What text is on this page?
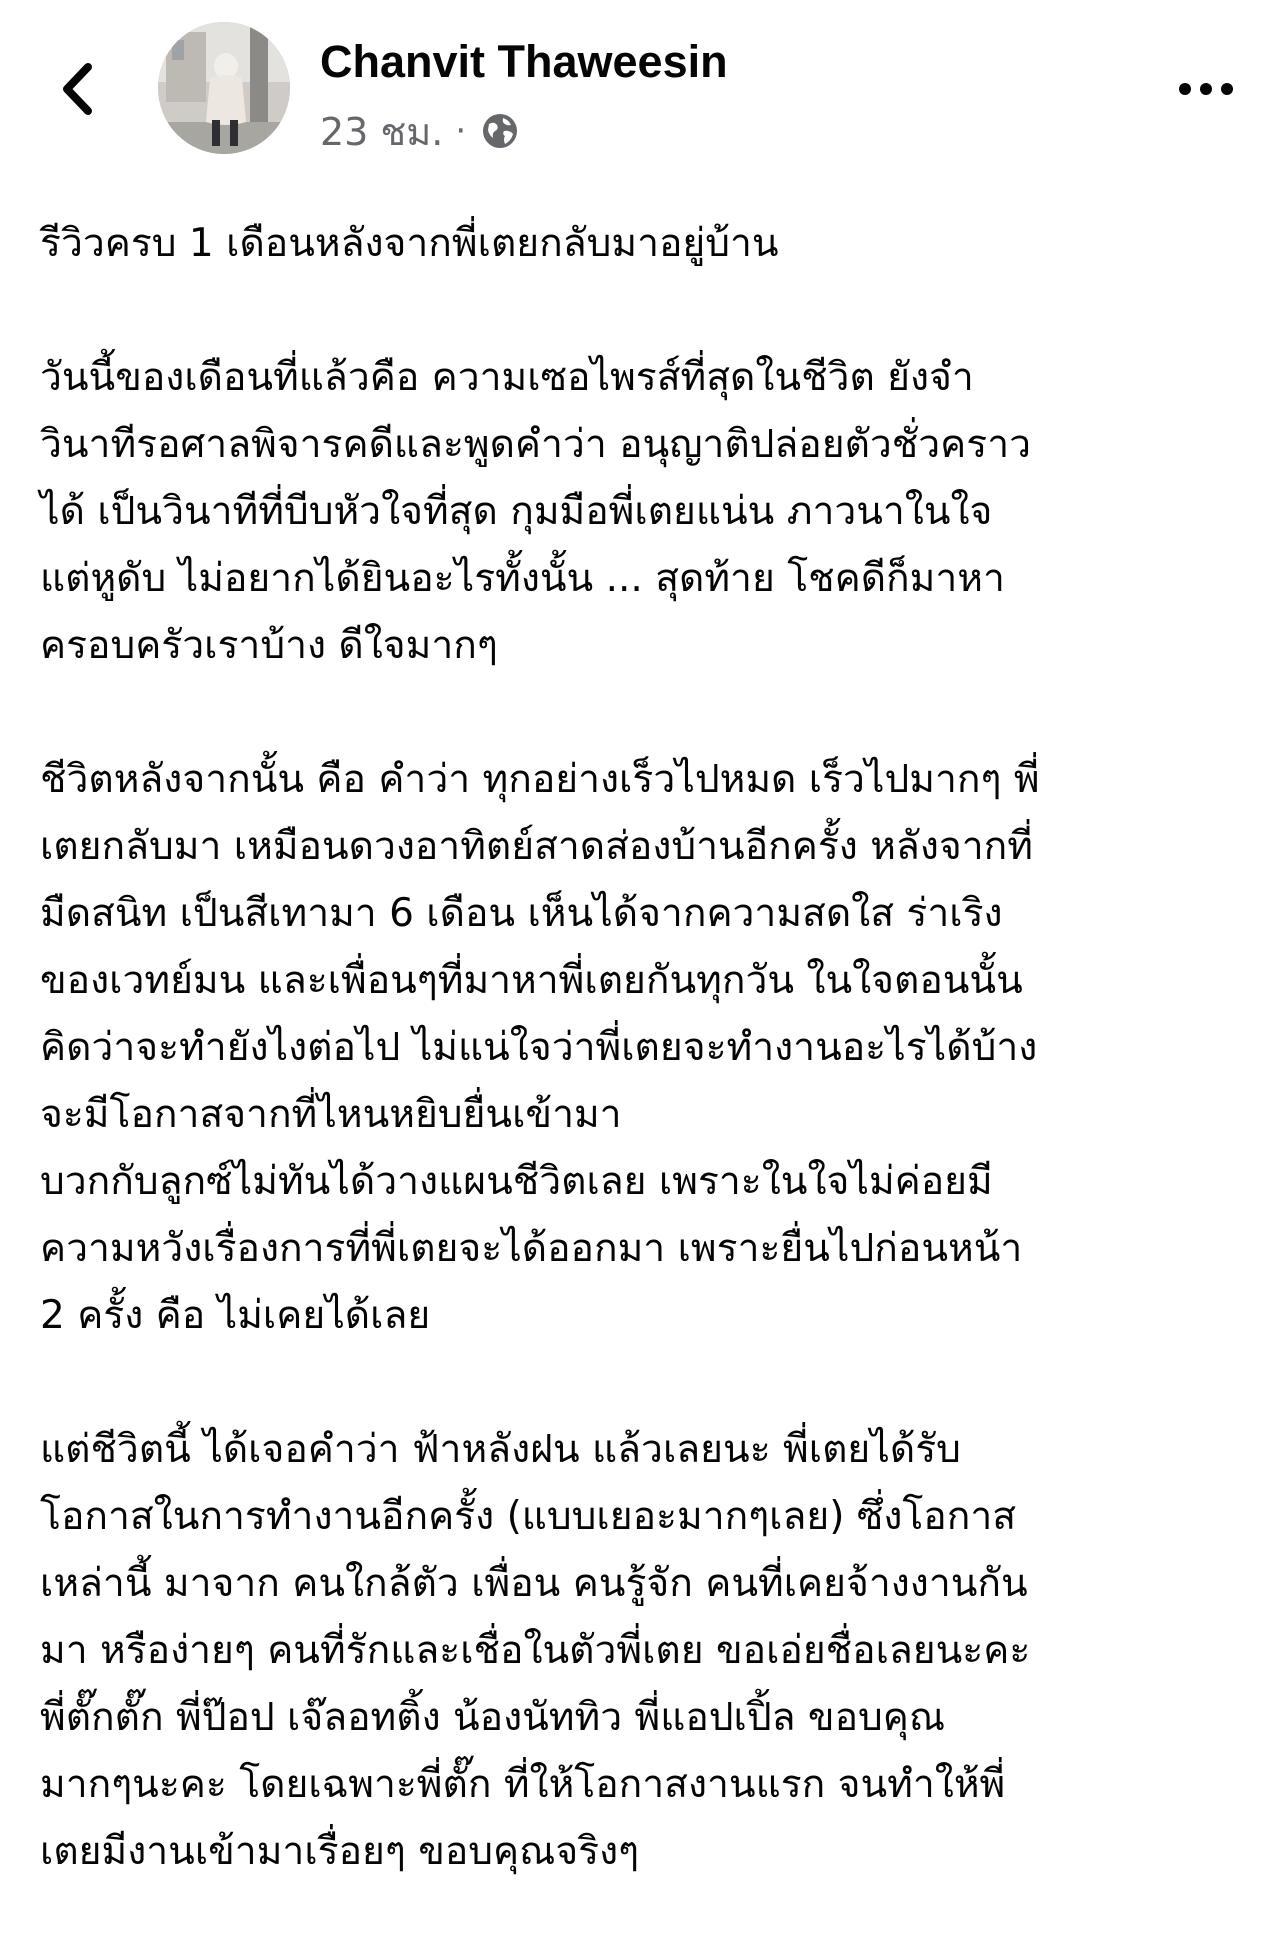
Chanvit Thaweesin
23 ชม. ·
รีวิวครบ 1 เดือนหลังจากพี่เตยกลับมาอยู่บ้าน
วันนี้ของเดือนที่แล้วคือ ความเซอไพรส์ที่สุดในชีวิต ยังจำ
วินาทีรอศาลพิจารคดีและพูดคำว่า อนุญาติปล่อยตัวชั่วคราว
ได้ เป็นวินาทีที่บีบหัวใจที่สุด กุมมือพี่เตยแน่น ภาวนาในใจ
แต่หูดับ ไม่อยากได้ยินอะไรทั้งนั้น ... สุดท้าย โชคดีก็มาหา
ครอบครัวเราบ้าง ดีใจมากๆ
ชีวิตหลังจากนั้น คือ คำว่า ทุกอย่างเร็วไปหมด เร็วไปมากๆ พี่
เตยกลับมา เหมือนดวงอาทิตย์สาดส่องบ้านอีกครั้ง หลังจากที่
มืดสนิท เป็นสีเทามา 6 เดือน เห็นได้จากความสดใส ร่าเริง
ของเวทย์มน และเพื่อนๆที่มาหาพี่เตยกันทุกวัน ในใจตอนนั้น
คิดว่าจะทำยังไงต่อไป ไม่แน่ใจว่าพี่เตยจะทำงานอะไรได้บ้าง
จะมีโอกาสจากที่ไหนหยิบยื่นเข้ามา
บวกกับลูกซ์ไม่ทันได้วางแผนชีวิตเลย เพราะในใจไม่ค่อยมี
ความหวังเรื่องการที่พี่เตยจะได้ออกมา เพราะยื่นไปก่อนหน้า
2 ครั้ง คือ ไม่เคยได้เลย
แต่ชีวิตนี้ ได้เจอคำว่า ฟ้าหลังฝน แล้วเลยนะ พี่เตยได้รับ
โอกาสในการทำงานอีกครั้ง (แบบเยอะมากๆเลย) ซึ่งโอกาส
เหล่านี้ มาจาก คนใกล้ตัว เพื่อน คนรู้จัก คนที่เคยจ้างงานกัน
มา หรือง่ายๆ คนที่รักและเชื่อในตัวพี่เตย ขอเอ่ยชื่อเลยนะคะ
พี่ตั๊กตั๊ก พี่ป๊อป เจ๊ลอทติ้ง น้องนัททิว พี่แอปเปิ้ล ขอบคุณ
มากๆนะคะ โดยเฉพาะพี่ตั๊ก ที่ให้โอกาสงานแรก จนทำให้พี่
เตยมีงานเข้ามาเรื่อยๆ ขอบคุณจริงๆ
